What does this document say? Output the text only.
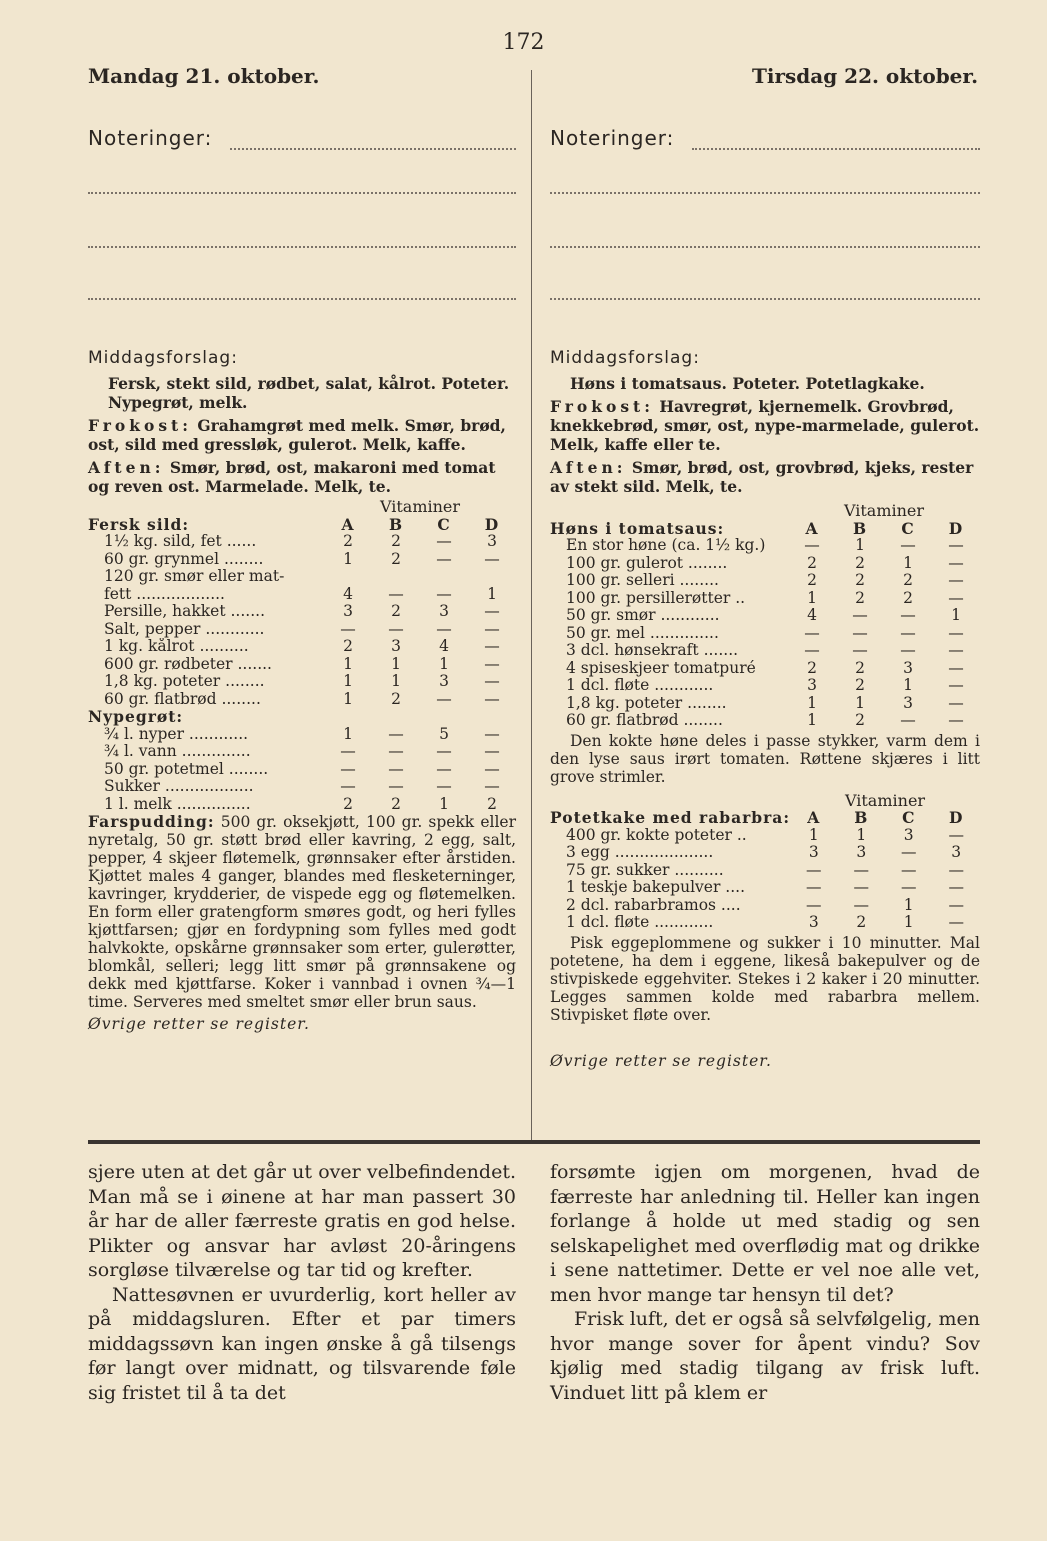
172
Mandag 21. oktober.	Tirsdag 22. oktober.
Noteringer:	Noteringer:
Middagsforslag:

Fersk, stekt sild, rødbet, salat, kålrot. Poteter. Nypegrøt, melk.

Frokost: Grahamgrøt med melk. Smør, brød, ost, sild med gressløk, gulerot. Melk, kaffe.

Aften: Smør, brød, ost, makaroni med tomat og reven ost. Marmelade. Melk, te.

	Vitaminer			
Fersk sild:	A	B	C	D
1½ kg. sild, fet ......	2	2	—	3
60 gr. grynmel ........	1	2	—	—
120 gr. smør eller mat-				
fett ..................	4	—	—	1
Persille, hakket .......	3	2	3	—
Salt, pepper ............	—	—	—	—
1 kg. kålrot ..........	2	3	4	—
600 gr. rødbeter .......	1	1	1	—
1,8 kg. poteter ........	1	1	3	—
60 gr. flatbrød ........	1	2	—	—
Nypegrøt:				
¾ l. nyper ............	1	—	5	—
¾ l. vann ..............	—	—	—	—
50 gr. potetmel ........	—	—	—	—
Sukker ..................	—	—	—	—
1 l. melk ...............	2	2	1	2

Farspudding: 500 gr. oksekjøtt, 100 gr. spekk eller nyretalg, 50 gr. støtt brød eller kavring, 2 egg, salt, pepper, 4 skjeer fløtemelk, grønnsaker efter årstiden. Kjøttet males 4 ganger, blandes med flesketerninger, kavringer, krydderier, de vispede egg og fløtemelken. En form eller gratengform smøres godt, og heri fylles kjøttfarsen; gjør en fordypning som fylles med godt halvkokte, opskårne grønnsaker som erter, gulerøtter, blomkål, selleri; legg litt smør på grønnsakene og dekk med kjøttfarse. Koker i vannbad i ovnen ¾—1 time. Serveres med smeltet smør eller brun saus.

Øvrige retter se register.
Middagsforslag:

Høns i tomatsaus. Poteter. Potetlagkake.

Frokost: Havregrøt, kjernemelk. Grovbrød, knekkebrød, smør, ost, nype-marmelade, gulerot. Melk, kaffe eller te.

Aften: Smør, brød, ost, grovbrød, kjeks, rester av stekt sild. Melk, te.

	Vitaminer			
Høns i tomatsaus:	A	B	C	D
En stor høne (ca. 1½ kg.)	—	1	—	—
100 gr. gulerot ........	2	2	1	—
100 gr. selleri ........	2	2	2	—
100 gr. persillerøtter ..	1	2	2	—
50 gr. smør ............	4	—	—	1
50 gr. mel ..............	—	—	—	—
3 dcl. hønsekraft .......	—	—	—	—
4 spiseskjeer tomatpuré	2	2	3	—
1 dcl. fløte ............	3	2	1	—
1,8 kg. poteter ........	1	1	3	—
60 gr. flatbrød ........	1	2	—	—

Den kokte høne deles i passe stykker, varm dem i den lyse saus irørt tomaten. Røttene skjæres i litt grove strimler.

	Vitaminer			
Potetkake med rabarbra:	A	B	C	D
400 gr. kokte poteter ..	1	1	3	—
3 egg ....................	3	3	—	3
75 gr. sukker ..........	—	—	—	—
1 teskje bakepulver ....	—	—	—	—
2 dcl. rabarbramos ....	—	—	1	—
1 dcl. fløte ............	3	2	1	—

Pisk eggeplommene og sukker i 10 minutter. Mal potetene, ha dem i eggene, likeså bakepulver og de stivpiskede eggehviter. Stekes i 2 kaker i 20 minutter. Legges sammen kolde med rabarbra mellem. Stivpisket fløte over.

Øvrige retter se register.

sjere uten at det går ut over velbefindendet. Man må se i øinene at har man passert 30 år har de aller færreste gratis en god helse. Plikter og ansvar har avløst 20-åringens sorgløse tilværelse og tar tid og krefter.

Nattesøvnen er uvurderlig, kort heller av på middagsluren. Efter et par timers middagssøvn kan ingen ønske å gå tilsengs før langt over midnatt, og tilsvarende føle sig fristet til å ta det

forsømte igjen om morgenen, hvad de færreste har anledning til. Heller kan ingen forlange å holde ut med stadig og sen selskapelighet med overflødig mat og drikke i sene nattetimer. Dette er vel noe alle vet, men hvor mange tar hensyn til det?

Frisk luft, det er også så selvfølgelig, men hvor mange sover for åpent vindu? Sov kjølig med stadig tilgang av frisk luft. Vinduet litt på klem er
